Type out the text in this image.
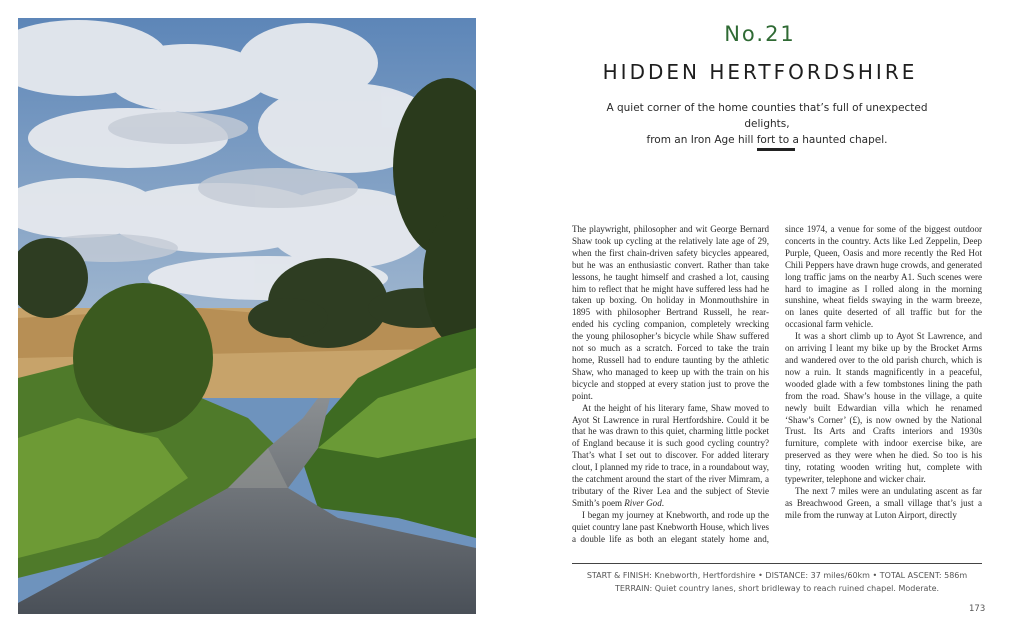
No.21
HIDDEN HERTFORDSHIRE
A quiet corner of the home counties that’s full of unexpected delights,
from an Iron Age hill fort to a haunted chapel.

The playwright, philosopher and wit George Bernard Shaw took up cycling at the relatively late age of 29, when the first chain-driven safety bicycles appeared, but he was an enthusiastic convert. Rather than take lessons, he taught himself and crashed a lot, causing him to reflect that he might have suffered less had he taken up boxing. On holiday in Monmouthshire in 1895 with philosopher Bertrand Russell, he rear-ended his cycling companion, completely wrecking the young philosopher’s bicycle while Shaw suffered not so much as a scratch. Forced to take the train home, Russell had to endure taunting by the athletic Shaw, who managed to keep up with the train on his bicycle and stopped at every station just to prove the point.

At the height of his literary fame, Shaw moved to Ayot St Lawrence in rural Hertfordshire. Could it be that he was drawn to this quiet, charming little pocket of England because it is such good cycling country? That’s what I set out to discover. For added literary clout, I planned my ride to trace, in a roundabout way, the catchment around the start of the river Mimram, a tributary of the River Lea and the subject of Stevie Smith’s poem River God.

I began my journey at Knebworth, and rode up the quiet country lane past Knebworth House, which lives a double life as both an elegant stately home and, since 1974, a venue for some of the biggest outdoor concerts in the country. Acts like Led Zeppelin, Deep Purple, Queen, Oasis and more recently the Red Hot Chili Peppers have drawn huge crowds, and generated long traffic jams on the nearby A1. Such scenes were hard to imagine as I rolled along in the morning sunshine, wheat fields swaying in the warm breeze, on lanes quite deserted of all traffic but for the occasional farm vehicle.

It was a short climb up to Ayot St Lawrence, and on arriving I leant my bike up by the Brocket Arms and wandered over to the old parish church, which is now a ruin. It stands magnificently in a peaceful, wooded glade with a few tombstones lining the path from the road. Shaw’s house in the village, a quite newly built Edwardian villa which he renamed ‘Shaw’s Corner’ (£), is now owned by the National Trust. Its Arts and Crafts interiors and 1930s furniture, complete with indoor exercise bike, are preserved as they were when he died. So too is his tiny, rotating wooden writing hut, complete with typewriter, telephone and wicker chair.

The next 7 miles were an undulating ascent as far as Breachwood Green, a small village that’s just a mile from the runway at Luton Airport, directly

START & FINISH: Knebworth, Hertfordshire • DISTANCE: 37 miles/60km • TOTAL ASCENT: 586m
TERRAIN: Quiet country lanes, short bridleway to reach ruined chapel. Moderate.
173
